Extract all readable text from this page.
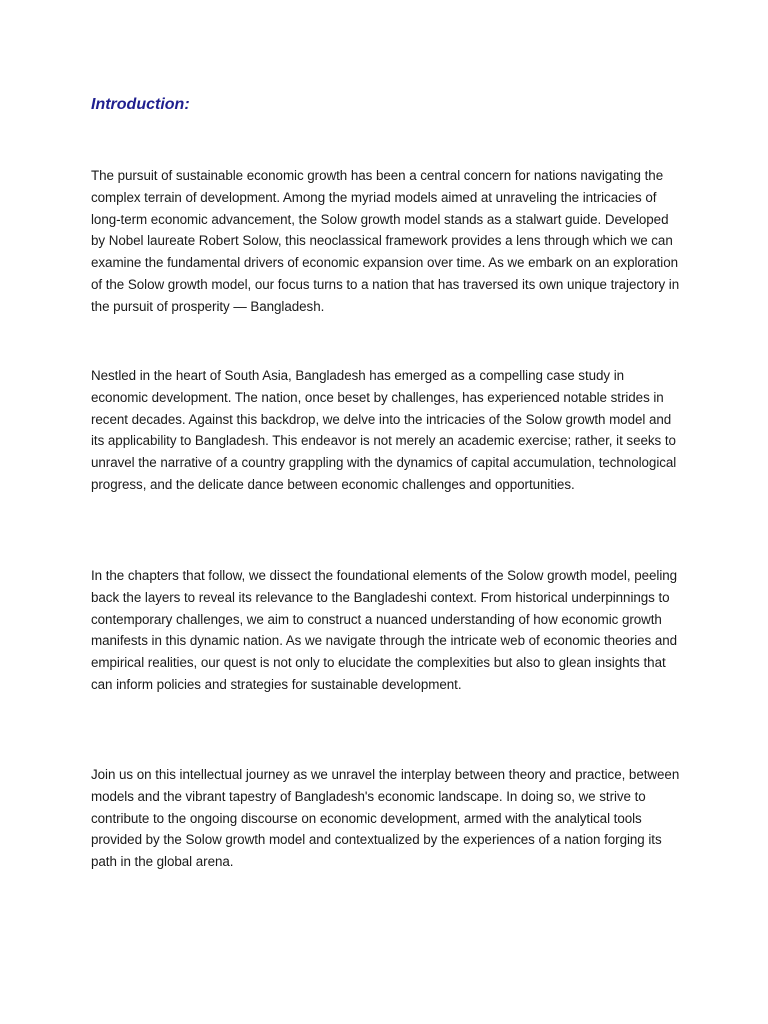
Introduction:

The pursuit of sustainable economic growth has been a central concern for nations navigating the complex terrain of development. Among the myriad models aimed at unraveling the intricacies of long-term economic advancement, the Solow growth model stands as a stalwart guide. Developed by Nobel laureate Robert Solow, this neoclassical framework provides a lens through which we can examine the fundamental drivers of economic expansion over time. As we embark on an exploration of the Solow growth model, our focus turns to a nation that has traversed its own unique trajectory in the pursuit of prosperity — Bangladesh.

Nestled in the heart of South Asia, Bangladesh has emerged as a compelling case study in economic development. The nation, once beset by challenges, has experienced notable strides in recent decades. Against this backdrop, we delve into the intricacies of the Solow growth model and its applicability to Bangladesh. This endeavor is not merely an academic exercise; rather, it seeks to unravel the narrative of a country grappling with the dynamics of capital accumulation, technological progress, and the delicate dance between economic challenges and opportunities.

In the chapters that follow, we dissect the foundational elements of the Solow growth model, peeling back the layers to reveal its relevance to the Bangladeshi context. From historical underpinnings to contemporary challenges, we aim to construct a nuanced understanding of how economic growth manifests in this dynamic nation. As we navigate through the intricate web of economic theories and empirical realities, our quest is not only to elucidate the complexities but also to glean insights that can inform policies and strategies for sustainable development.

Join us on this intellectual journey as we unravel the interplay between theory and practice, between models and the vibrant tapestry of Bangladesh's economic landscape. In doing so, we strive to contribute to the ongoing discourse on economic development, armed with the analytical tools provided by the Solow growth model and contextualized by the experiences of a nation forging its path in the global arena.
